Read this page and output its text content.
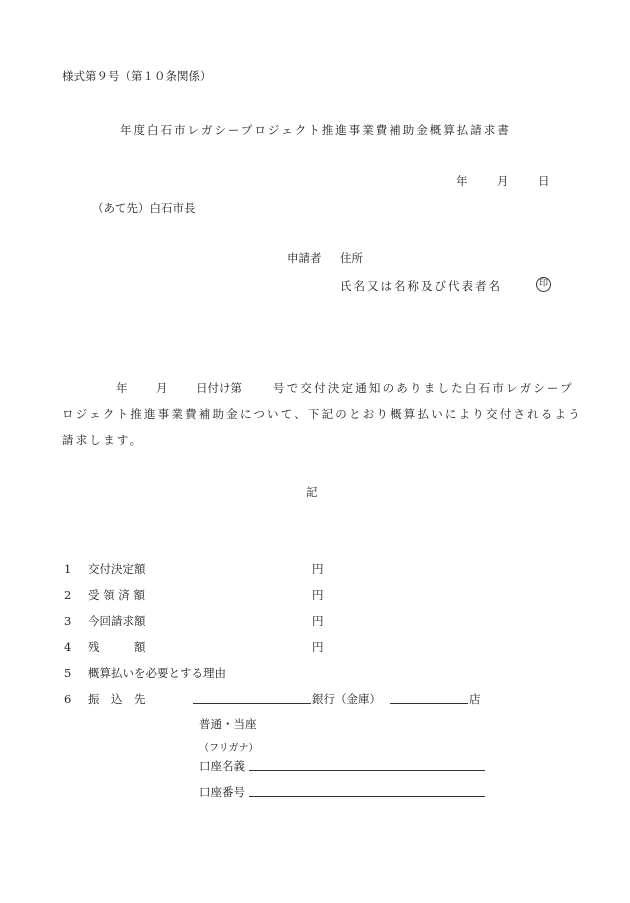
様式第９号（第１０条関係）
年度白石市レガシープロジェクト推進事業費補助金概算払請求書
年	月	日
（あて先）白石市長
申請者 住所
氏名又は名称及び代表者名	印
年 月 日付け第	号で交付決定通知のありました白石市レガシープ
ロジェクト推進事業費補助金について、下記のとおり概算払いにより交付されるよう
請求します。
記
1 交付決定額	円
2 受 領 済 額	円
3 今回請求額	円
4 残　　　額	円
5 概算払いを必要とする理由
6 振　込　先	銀行（金庫）	店
普通・当座
（フリガナ）
口座名義
口座番号
